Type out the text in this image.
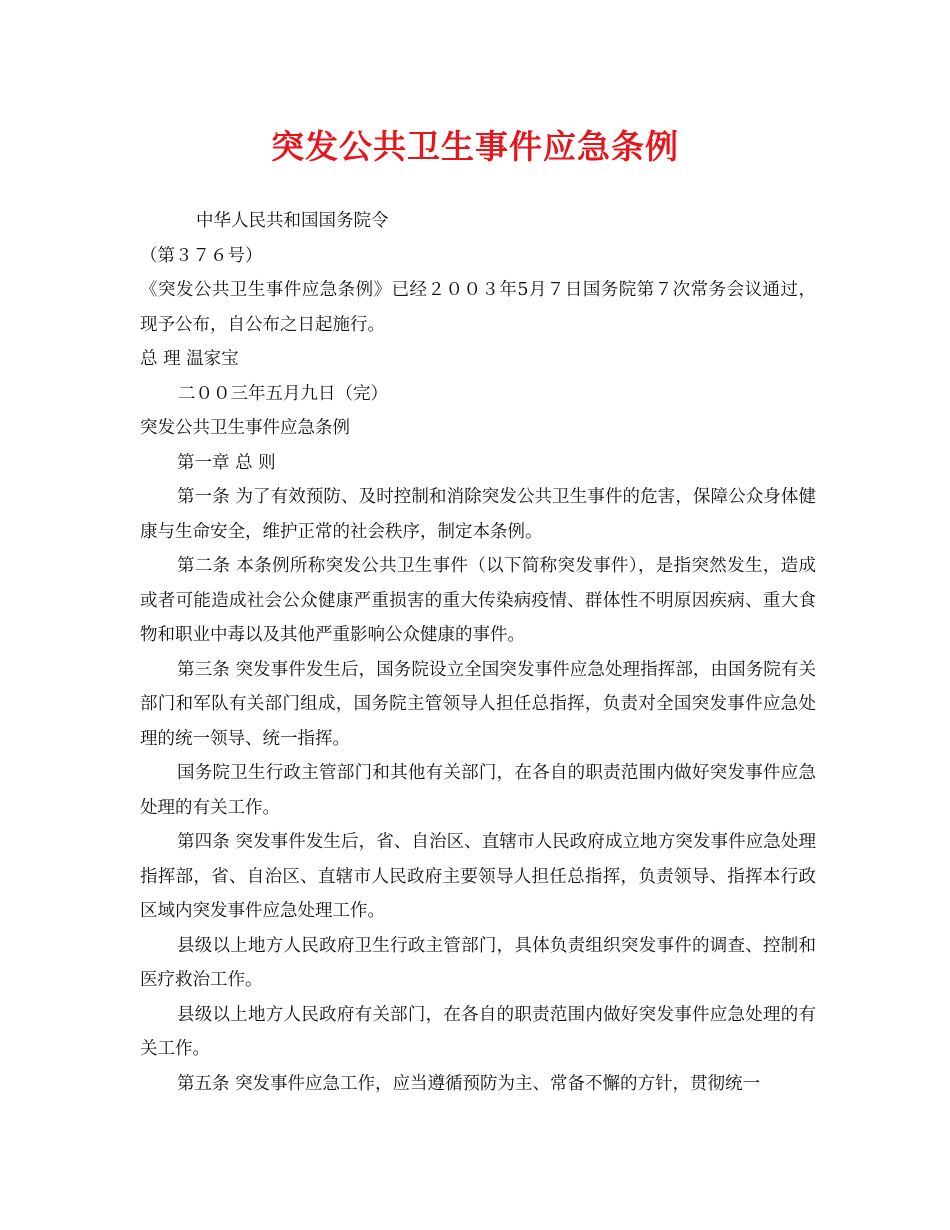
突发公共卫生事件应急条例

中华人民共和国国务院令

（第３７６号）

《突发公共卫生事件应急条例》已经２００３年5月７日国务院第７次常务会议通过，现予公布，自公布之日起施行。

总 理 温家宝

二００三年五月九日（完）

突发公共卫生事件应急条例

第一章 总 则

第一条 为了有效预防、及时控制和消除突发公共卫生事件的危害，保障公众身体健康与生命安全，维护正常的社会秩序，制定本条例。

第二条 本条例所称突发公共卫生事件（以下简称突发事件），是指突然发生，造成或者可能造成社会公众健康严重损害的重大传染病疫情、群体性不明原因疾病、重大食物和职业中毒以及其他严重影响公众健康的事件。

第三条 突发事件发生后，国务院设立全国突发事件应急处理指挥部，由国务院有关部门和军队有关部门组成，国务院主管领导人担任总指挥，负责对全国突发事件应急处理的统一领导、统一指挥。

国务院卫生行政主管部门和其他有关部门，在各自的职责范围内做好突发事件应急处理的有关工作。

第四条 突发事件发生后，省、自治区、直辖市人民政府成立地方突发事件应急处理指挥部，省、自治区、直辖市人民政府主要领导人担任总指挥，负责领导、指挥本行政区域内突发事件应急处理工作。

县级以上地方人民政府卫生行政主管部门，具体负责组织突发事件的调查、控制和医疗救治工作。

县级以上地方人民政府有关部门，在各自的职责范围内做好突发事件应急处理的有关工作。

第五条 突发事件应急工作，应当遵循预防为主、常备不懈的方针，贯彻统一
